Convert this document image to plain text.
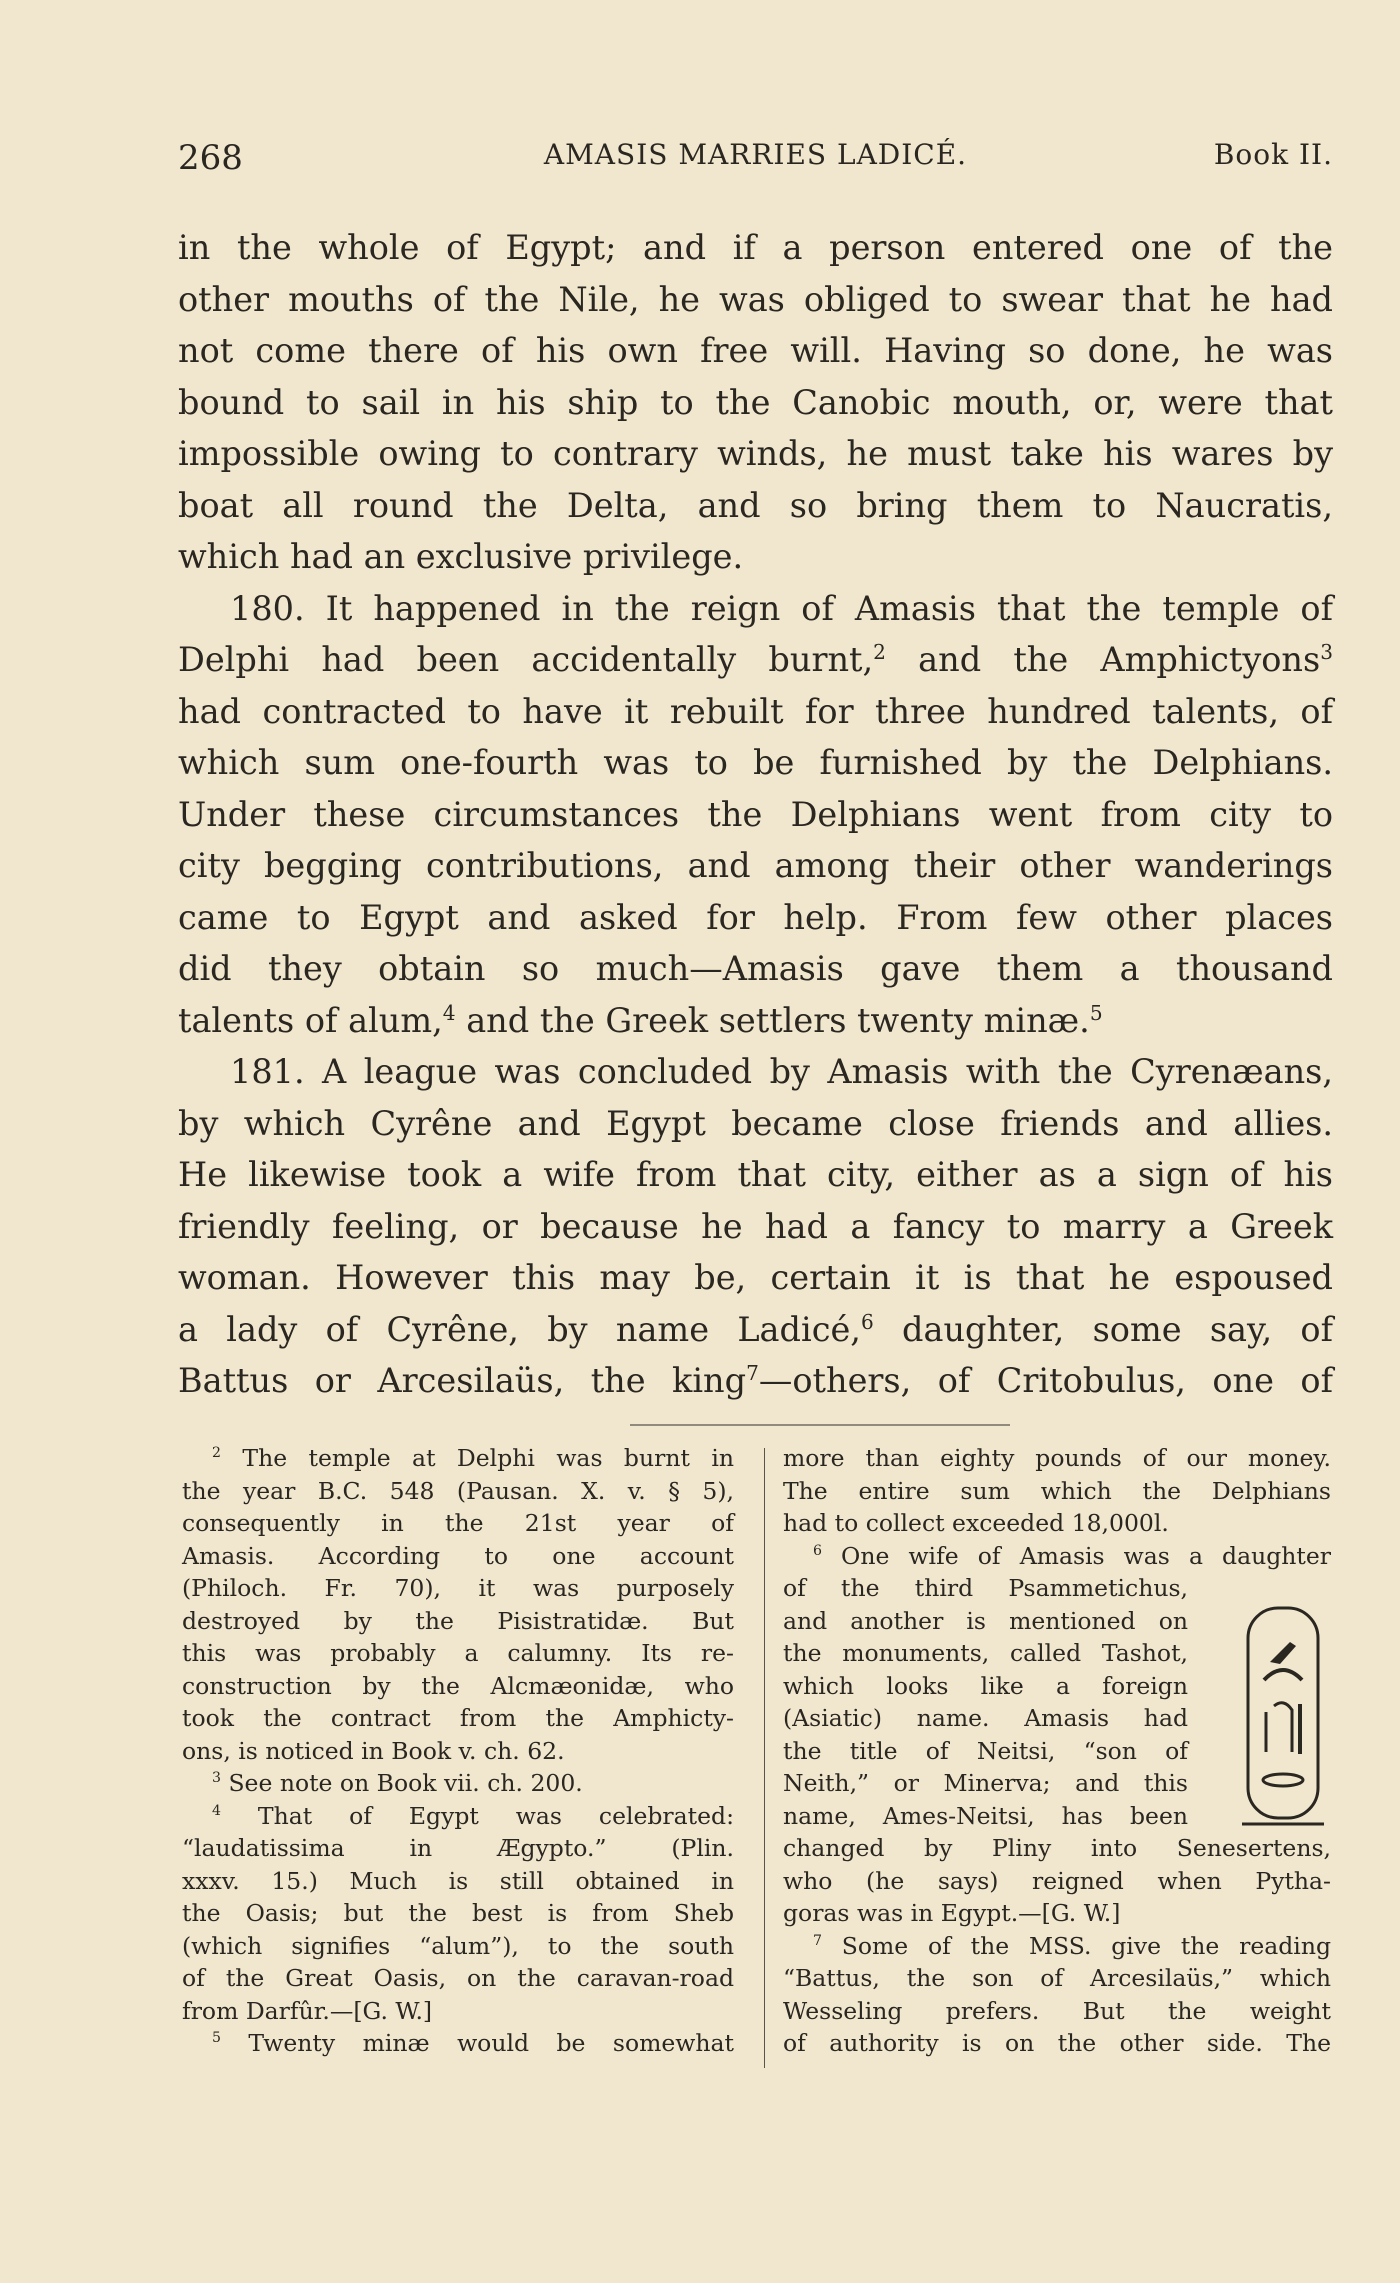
268	AMASIS MARRIES LADICÉ.	Book II.
in the whole of Egypt; and if a person entered one of the
other mouths of the Nile, he was obliged to swear that he had
not come there of his own free will. Having so done, he was
bound to sail in his ship to the Canobic mouth, or, were that
impossible owing to contrary winds, he must take his wares by
boat all round the Delta, and so bring them to Naucratis,
which had an exclusive privilege.
180. It happened in the reign of Amasis that the temple of
Delphi had been accidentally burnt,$^2$ and the Amphictyons$^3$
had contracted to have it rebuilt for three hundred talents, of
which sum one-fourth was to be furnished by the Delphians.
Under these circumstances the Delphians went from city to
city begging contributions, and among their other wanderings
came to Egypt and asked for help. From few other places
did they obtain so much—Amasis gave them a thousand
talents of alum,$^4$ and the Greek settlers twenty minæ.$^5$
181. A league was concluded by Amasis with the Cyrenæans,
by which Cyrêne and Egypt became close friends and allies.
He likewise took a wife from that city, either as a sign of his
friendly feeling, or because he had a fancy to marry a Greek
woman. However this may be, certain it is that he espoused
a lady of Cyrêne, by name Ladicé,$^6$ daughter, some say, of
Battus or Arcesilaüs, the king$^7$—others, of Critobulus, one of
$^2$ The temple at Delphi was burnt in
the year B.C. 548 (Pausan. X. v. § 5),
consequently in the 21st year of
Amasis. According to one account
(Philoch. Fr. 70), it was purposely
destroyed by the Pisistratidæ. But
this was probably a calumny. Its re-
construction by the Alcmæonidæ, who
took the contract from the Amphicty-
ons, is noticed in Book v. ch. 62.
$^3$ See note on Book vii. ch. 200.
$^4$ That of Egypt was celebrated:
“laudatissima in Ægypto.” (Plin.
xxxv. 15.) Much is still obtained in
the Oasis; but the best is from Sheb
(which signifies “alum”), to the south
of the Great Oasis, on the caravan-road
from Darfûr.—[G. W.]
$^5$ Twenty minæ would be somewhat
more than eighty pounds of our money.
The entire sum which the Delphians
had to collect exceeded 18,000l.
$^6$ One wife of Amasis was a daughter
of the third Psammetichus,
and another is mentioned on
the monuments, called Tashot,
which looks like a foreign
(Asiatic) name. Amasis had
the title of Neitsi, “son of
Neith,” or Minerva; and this
name, Ames-Neitsi, has been
changed by Pliny into Senesertens,
who (he says) reigned when Pytha-
goras was in Egypt.—[G. W.]
$^7$ Some of the MSS. give the reading
“Battus, the son of Arcesilaüs,” which
Wesseling prefers. But the weight
of authority is on the other side. The
